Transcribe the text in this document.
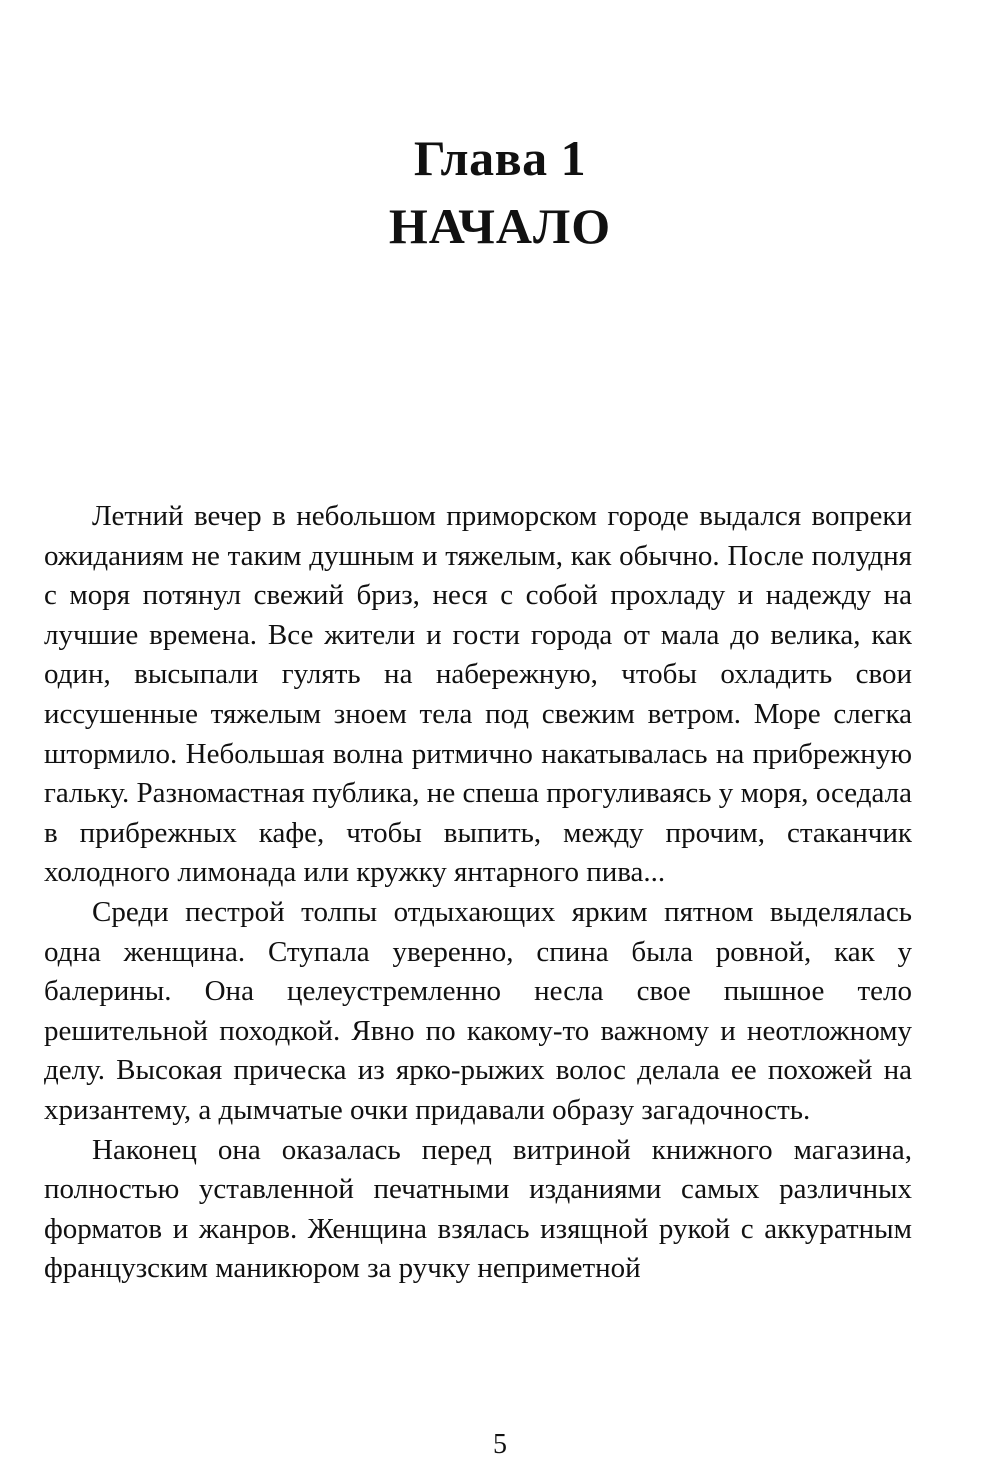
Глава 1
НАЧАЛО

Летний вечер в небольшом приморском городе выдался вопреки ожиданиям не таким душным и тяжелым, как обычно. После полудня с моря потянул свежий бриз, неся с собой прохладу и надежду на лучшие времена. Все жители и гости города от мала до велика, как один, высыпали гулять на набережную, чтобы охладить свои иссушенные тяжелым зноем тела под свежим ветром. Море слегка штормило. Небольшая волна ритмично накатывалась на прибрежную гальку. Разномастная публика, не спеша прогуливаясь у моря, оседала в прибрежных кафе, чтобы выпить, между прочим, стаканчик холодного лимонада или кружку янтарного пива...

Среди пестрой толпы отдыхающих ярким пятном выделялась одна женщина. Ступала уверенно, спина была ровной, как у балерины. Она целеустремленно несла свое пышное тело решительной походкой. Явно по какому-то важному и неотложному делу. Высокая прическа из ярко-рыжих волос делала ее похожей на хризантему, а дымчатые очки придавали образу загадочность.

Наконец она оказалась перед витриной книжного магазина, полностью уставленной печатными изданиями самых различных форматов и жанров. Женщина взялась изящной рукой с аккуратным французским маникюром за ручку неприметной

5
